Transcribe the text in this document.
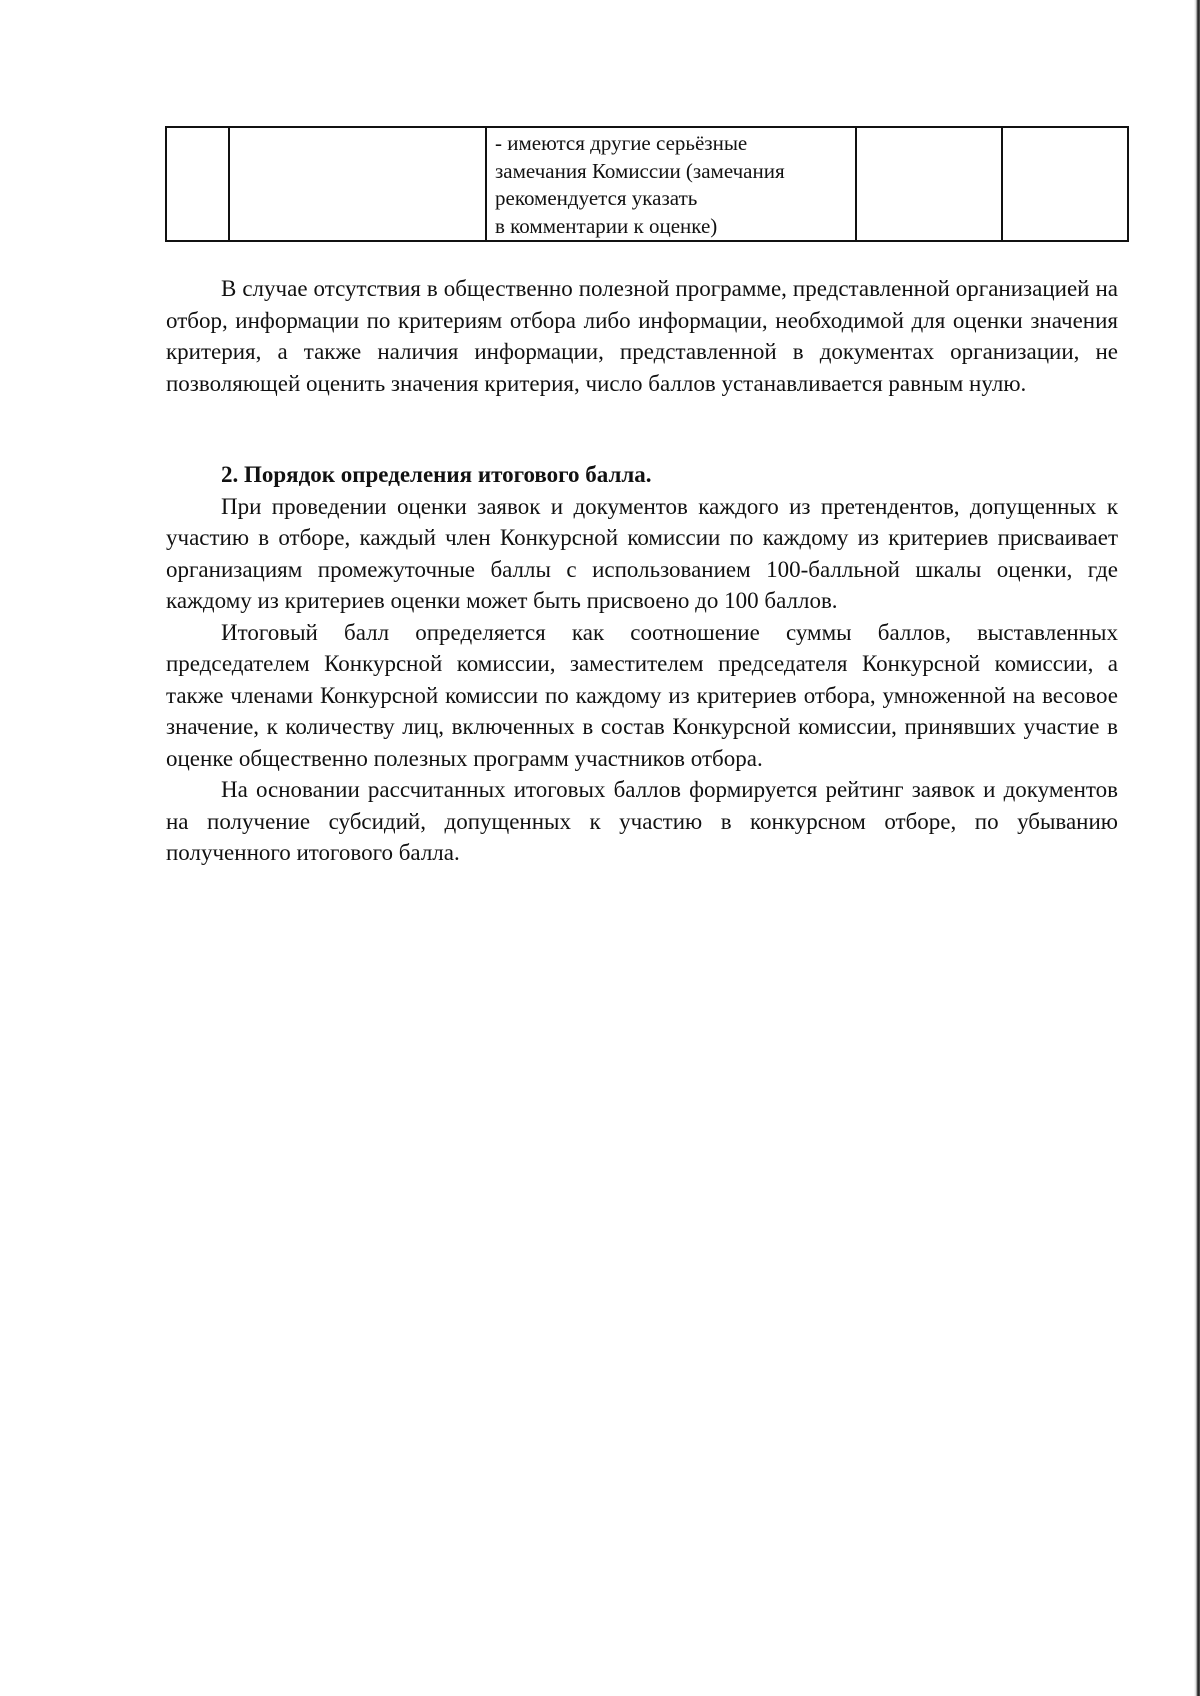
- имеются другие серьёзные
замечания Комиссии (замечания
рекомендуется указать
в комментарии к оценке)

В случае отсутствия в общественно полезной программе, представленной организацией на отбор, информации по критериям отбора либо информации, необходимой для оценки значения критерия, а также наличия информации, представленной в документах организации, не позволяющей оценить значения критерия, число баллов устанавливается равным нулю.

2. Порядок определения итогового балла.

При проведении оценки заявок и документов каждого из претендентов, допущенных к участию в отборе, каждый член Конкурсной комиссии по каждому из критериев присваивает организациям промежуточные баллы с использованием 100-балльной шкалы оценки, где каждому из критериев оценки может быть присвоено до 100 баллов.

Итоговый балл определяется как соотношение суммы баллов, выставленных председателем Конкурсной комиссии, заместителем председателя Конкурсной комиссии, а также членами Конкурсной комиссии по каждому из критериев отбора, умноженной на весовое значение, к количеству лиц, включенных в состав Конкурсной комиссии, принявших участие в оценке общественно полезных программ участников отбора.

На основании рассчитанных итоговых баллов формируется рейтинг заявок и документов на получение субсидий, допущенных к участию в конкурсном отборе, по убыванию полученного итогового балла.
